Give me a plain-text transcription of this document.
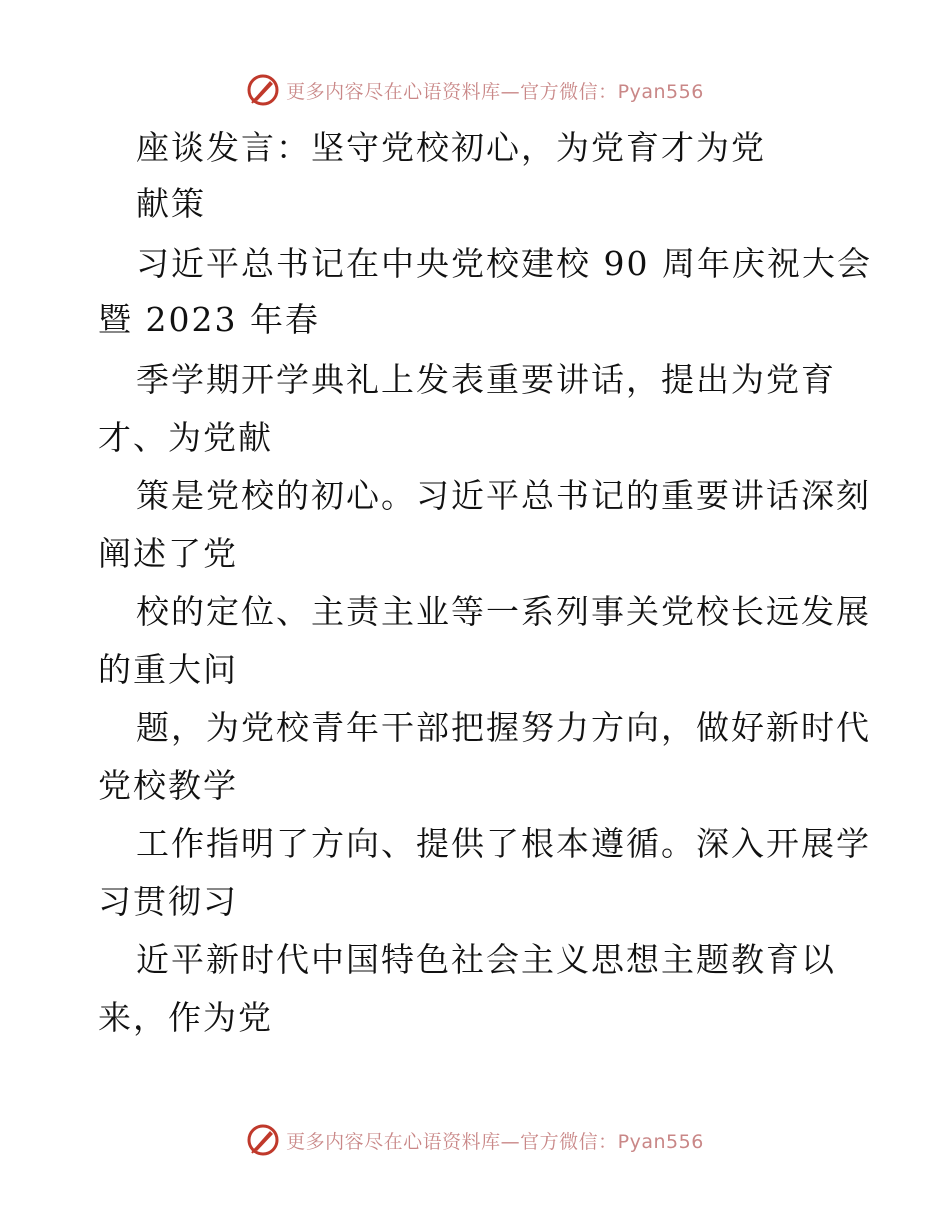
更多内容尽在心语资料库—官方微信：Pyan556
座谈发言：坚守党校初心，为党育才为党
献策
习近平总书记在中央党校建校 90 周年庆祝大会
暨 2023 年春
季学期开学典礼上发表重要讲话，提出为党育
才、为党献
策是党校的初心。习近平总书记的重要讲话深刻
阐述了党
校的定位、主责主业等一系列事关党校长远发展
的重大问
题，为党校青年干部把握努力方向，做好新时代
党校教学
工作指明了方向、提供了根本遵循。深入开展学
习贯彻习
近平新时代中国特色社会主义思想主题教育以
来，作为党
更多内容尽在心语资料库—官方微信：Pyan556
